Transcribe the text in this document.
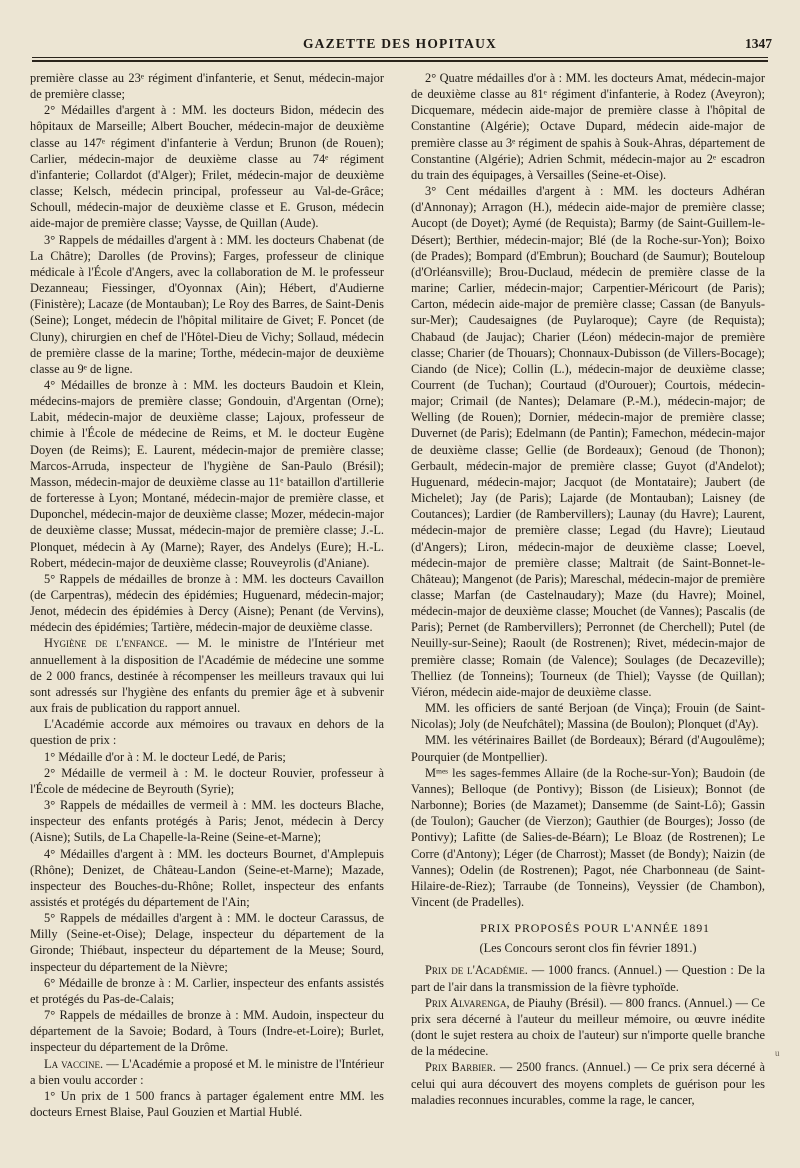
GAZETTE DES HOPITAUX	1347

première classe au 23ᵉ régiment d'infanterie, et Senut, médecin-major de première classe;

2° Médailles d'argent à : MM. les docteurs Bidon, médecin des hôpitaux de Marseille; Albert Boucher, médecin-major de deuxième classe au 147ᵉ régiment d'infanterie à Verdun; Brunon (de Rouen); Carlier, médecin-major de deuxième classe au 74ᵉ régiment d'infanterie; Collardot (d'Alger); Frilet, médecin-major de deuxième classe; Kelsch, médecin principal, professeur au Val-de-Grâce; Schoull, médecin-major de deuxième classe et E. Gruson, médecin aide-major de première classe; Vaysse, de Quillan (Aude).

3° Rappels de médailles d'argent à : MM. les docteurs Chabenat (de La Châtre); Darolles (de Provins); Farges, professeur de clinique médicale à l'École d'Angers, avec la collaboration de M. le professeur Dezanneau; Fiessinger, d'Oyonnax (Ain); Hébert, d'Audierne (Finistère); Lacaze (de Montauban); Le Roy des Barres, de Saint-Denis (Seine); Longet, médecin de l'hôpital militaire de Givet; F. Poncet (de Cluny), chirurgien en chef de l'Hôtel-Dieu de Vichy; Sollaud, médecin de première classe de la marine; Torthe, médecin-major de deuxième classe au 9ᵉ de ligne.

4° Médailles de bronze à : MM. les docteurs Baudoin et Klein, médecins-majors de première classe; Gondouin, d'Argentan (Orne); Labit, médecin-major de deuxième classe; Lajoux, professeur de chimie à l'École de médecine de Reims, et M. le docteur Eugène Doyen (de Reims); E. Laurent, médecin-major de première classe; Marcos-Arruda, inspecteur de l'hygiène de San-Paulo (Brésil); Masson, médecin-major de deuxième classe au 11ᵉ bataillon d'artillerie de forteresse à Lyon; Montané, médecin-major de première classe, et Duponchel, médecin-major de deuxième classe; Mozer, médecin-major de deuxième classe; Mussat, médecin-major de première classe; J.-L. Plonquet, médecin à Ay (Marne); Rayer, des Andelys (Eure); H.-L. Robert, médecin-major de deuxième classe; Rouveyrolis (d'Aniane).

5° Rappels de médailles de bronze à : MM. les docteurs Cavaillon (de Carpentras), médecin des épidémies; Huguenard, médecin-major; Jenot, médecin des épidémies à Dercy (Aisne); Penant (de Vervins), médecin des épidémies; Tartière, médecin-major de deuxième classe.

Hygiène de l'enfance. — M. le ministre de l'Intérieur met annuellement à la disposition de l'Académie de médecine une somme de 2 000 francs, destinée à récompenser les meilleurs travaux qui lui sont adressés sur l'hygiène des enfants du premier âge et à subvenir aux frais de publication du rapport annuel.

L'Académie accorde aux mémoires ou travaux en dehors de la question de prix :

1° Médaille d'or à : M. le docteur Ledé, de Paris;

2° Médaille de vermeil à : M. le docteur Rouvier, professeur à l'École de médecine de Beyrouth (Syrie);

3° Rappels de médailles de vermeil à : MM. les docteurs Blache, inspecteur des enfants protégés à Paris; Jenot, médecin à Dercy (Aisne); Sutils, de La Chapelle-la-Reine (Seine-et-Marne);

4° Médailles d'argent à : MM. les docteurs Bournet, d'Amplepuis (Rhône); Denizet, de Château-Landon (Seine-et-Marne); Mazade, inspecteur des Bouches-du-Rhône; Rollet, inspecteur des enfants assistés et protégés du département de l'Ain;

5° Rappels de médailles d'argent à : MM. le docteur Carassus, de Milly (Seine-et-Oise); Delage, inspecteur du département de la Gironde; Thiébaut, inspecteur du département de la Meuse; Sourd, inspecteur du département de la Nièvre;

6° Médaille de bronze à : M. Carlier, inspecteur des enfants assistés et protégés du Pas-de-Calais;

7° Rappels de médailles de bronze à : MM. Audoin, inspecteur du département de la Savoie; Bodard, à Tours (Indre-et-Loire); Burlet, inspecteur du département de la Drôme.

La vaccine. — L'Académie a proposé et M. le ministre de l'Intérieur a bien voulu accorder :

1° Un prix de 1 500 francs à partager également entre MM. les docteurs Ernest Blaise, Paul Gouzien et Martial Hublé.

2° Quatre médailles d'or à : MM. les docteurs Amat, médecin-major de deuxième classe au 81ᵉ régiment d'infanterie, à Rodez (Aveyron); Dicquemare, médecin aide-major de première classe à l'hôpital de Constantine (Algérie); Octave Dupard, médecin aide-major de première classe au 3ᵉ régiment de spahis à Souk-Ahras, département de Constantine (Algérie); Adrien Schmit, médecin-major au 2ᵉ escadron du train des équipages, à Versailles (Seine-et-Oise).

3° Cent médailles d'argent à : MM. les docteurs Adhéran (d'Annonay); Arragon (H.), médecin aide-major de première classe; Aucopt (de Doyet); Aymé (de Requista); Barmy (de Saint-Guillem-le-Désert); Berthier, médecin-major; Blé (de la Roche-sur-Yon); Boixo (de Prades); Bompard (d'Embrun); Bouchard (de Saumur); Bouteloup (d'Orléansville); Brou-Duclaud, médecin de première classe de la marine; Carlier, médecin-major; Carpentier-Méricourt (de Paris); Carton, médecin aide-major de première classe; Cassan (de Banyuls-sur-Mer); Caudesaignes (de Puylaroque); Cayre (de Requista); Chabaud (de Jaujac); Charier (Léon) médecin-major de première classe; Charier (de Thouars); Chonnaux-Dubisson (de Villers-Bocage); Ciando (de Nice); Collin (L.), médecin-major de deuxième classe; Courrent (de Tuchan); Courtaud (d'Ourouer); Courtois, médecin-major; Crimail (de Nantes); Delamare (P.-M.), médecin-major; de Welling (de Rouen); Dornier, médecin-major de première classe; Duvernet (de Paris); Edelmann (de Pantin); Famechon, médecin-major de deuxième classe; Gellie (de Bordeaux); Genoud (de Thonon); Gerbault, médecin-major de première classe; Guyot (d'Andelot); Huguenard, médecin-major; Jacquot (de Montataire); Jaubert (de Michelet); Jay (de Paris); Lajarde (de Montauban); Laisney (de Coutances); Lardier (de Rambervillers); Launay (du Havre); Laurent, médecin-major de première classe; Legad (du Havre); Lieutaud (d'Angers); Liron, médecin-major de deuxième classe; Loevel, médecin-major de première classe; Maltrait (de Saint-Bonnet-le-Château); Mangenot (de Paris); Mareschal, médecin-major de première classe; Marfan (de Castelnaudary); Maze (du Havre); Moinel, médecin-major de deuxième classe; Mouchet (de Vannes); Pascalis (de Paris); Pernet (de Rambervillers); Perronnet (de Cherchell); Putel (de Neuilly-sur-Seine); Raoult (de Rostrenen); Rivet, médecin-major de première classe; Romain (de Valence); Soulages (de Decazeville); Thelliez (de Tonneins); Tourneux (de Thiel); Vaysse (de Quillan); Viéron, médecin aide-major de deuxième classe.

MM. les officiers de santé Berjoan (de Vinça); Frouin (de Saint-Nicolas); Joly (de Neufchâtel); Massina (de Boulon); Plonquet (d'Ay).

MM. les vétérinaires Baillet (de Bordeaux); Bérard (d'Augoulême); Pourquier (de Montpellier).

Mᵐᵉˢ les sages-femmes Allaire (de la Roche-sur-Yon); Baudoin (de Vannes); Belloque (de Pontivy); Bisson (de Lisieux); Bonnot (de Narbonne); Bories (de Mazamet); Dansemme (de Saint-Lô); Gassin (de Toulon); Gaucher (de Vierzon); Gauthier (de Bourges); Josso (de Pontivy); Lafitte (de Salies-de-Béarn); Le Bloaz (de Rostrenen); Le Corre (d'Antony); Léger (de Charrost); Masset (de Bondy); Naizin (de Vannes); Odelin (de Rostrenen); Pagot, née Charbonneau (de Saint-Hilaire-de-Riez); Tarraube (de Tonneins), Veyssier (de Chambon), Vincent (de Pradelles).

PRIX PROPOSÉS POUR L'ANNÉE 1891

(Les Concours seront clos fin février 1891.)

Prix de l'Académie. — 1000 francs. (Annuel.) — Question : De la part de l'air dans la transmission de la fièvre typhoïde.

Prix Alvarenga, de Piauhy (Brésil). — 800 francs. (Annuel.) — Ce prix sera décerné à l'auteur du meilleur mémoire, ou œuvre inédite (dont le sujet restera au choix de l'auteur) sur n'importe quelle branche de la médecine.

Prix Barbier. — 2500 francs. (Annuel.) — Ce prix sera décerné à celui qui aura découvert des moyens complets de guérison pour les maladies reconnues incurables, comme la rage, le cancer,

u
